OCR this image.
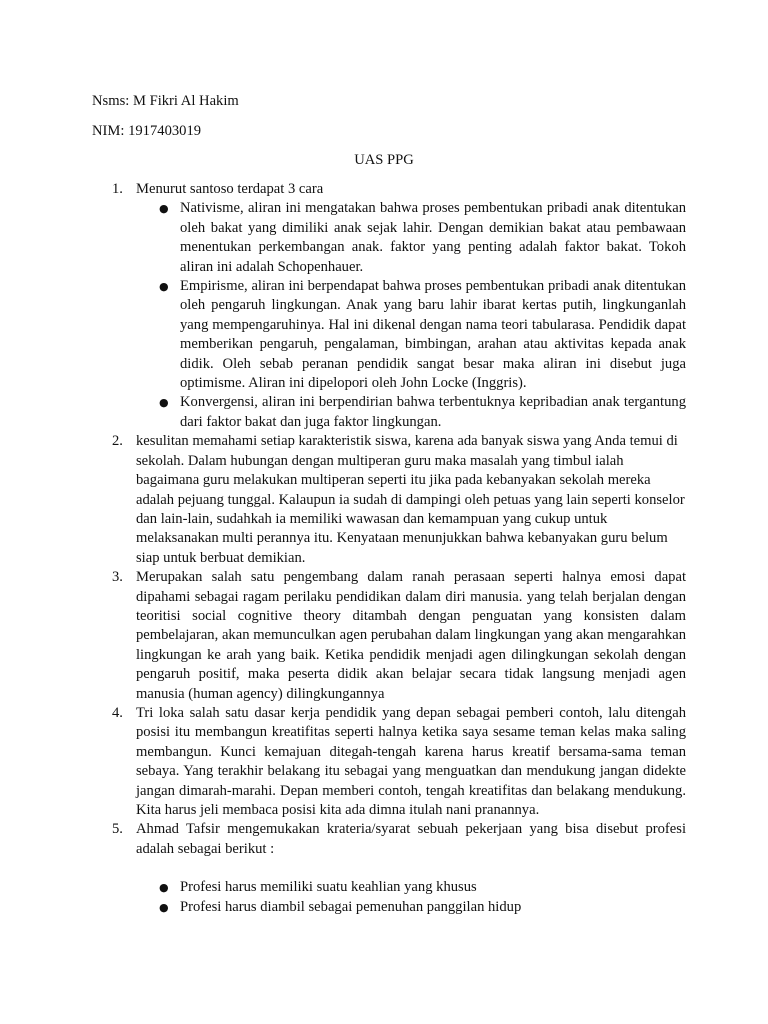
Nsms: M Fikri Al Hakim

NIM: 1917403019

UAS PPG

1. Menurut santoso terdapat 3 cara
● Nativisme, aliran ini mengatakan bahwa proses pembentukan pribadi anak ditentukan oleh bakat yang dimiliki anak sejak lahir. Dengan demikian bakat atau pembawaan menentukan perkembangan anak. faktor yang penting adalah faktor bakat. Tokoh aliran ini adalah Schopenhauer.
● Empirisme, aliran ini berpendapat bahwa proses pembentukan pribadi anak ditentukan oleh pengaruh lingkungan. Anak yang baru lahir ibarat kertas putih, lingkunganlah yang mempengaruhinya. Hal ini dikenal dengan nama teori tabularasa. Pendidik dapat memberikan pengaruh, pengalaman, bimbingan, arahan atau aktivitas kepada anak didik. Oleh sebab peranan pendidik sangat besar maka aliran ini disebut juga optimisme. Aliran ini dipelopori oleh John Locke (Inggris).
● Konvergensi, aliran ini berpendirian bahwa terbentuknya kepribadian anak tergantung dari faktor bakat dan juga faktor lingkungan.
2. kesulitan memahami setiap karakteristik siswa, karena ada banyak siswa yang Anda temui di sekolah. Dalam hubungan dengan multiperan guru maka masalah yang timbul ialah bagaimana guru melakukan multiperan seperti itu jika pada kebanyakan sekolah mereka adalah pejuang tunggal. Kalaupun ia sudah di dampingi oleh petuas yang lain seperti konselor dan lain-lain, sudahkah ia memiliki wawasan dan kemampuan yang cukup untuk melaksanakan multi perannya itu. Kenyataan menunjukkan bahwa kebanyakan guru belum siap untuk berbuat demikian.
3. Merupakan salah satu pengembang dalam ranah perasaan seperti halnya emosi dapat dipahami sebagai ragam perilaku pendidikan dalam diri manusia. yang telah berjalan dengan teoritisi social cognitive theory ditambah dengan penguatan yang konsisten dalam pembelajaran, akan memunculkan agen perubahan dalam lingkungan yang akan mengarahkan lingkungan ke arah yang baik. Ketika pendidik menjadi agen dilingkungan sekolah dengan pengaruh positif, maka peserta didik akan belajar secara tidak langsung menjadi agen manusia (human agency) dilingkungannya
4. Tri loka salah satu dasar kerja pendidik yang depan sebagai pemberi contoh, lalu ditengah posisi itu membangun kreatifitas seperti halnya ketika saya sesame teman kelas maka saling membangun. Kunci kemajuan ditegah-tengah karena harus kreatif bersama-sama teman sebaya. Yang terakhir belakang itu sebagai yang menguatkan dan mendukung jangan didekte jangan dimarah-marahi. Depan memberi contoh, tengah kreatifitas dan belakang mendukung. Kita harus jeli membaca posisi kita ada dimna itulah nani pranannya.
5. Ahmad Tafsir mengemukakan krateria/syarat sebuah pekerjaan yang bisa disebut profesi adalah sebagai berikut :
● Profesi harus memiliki suatu keahlian yang khusus
● Profesi harus diambil sebagai pemenuhan panggilan hidup
